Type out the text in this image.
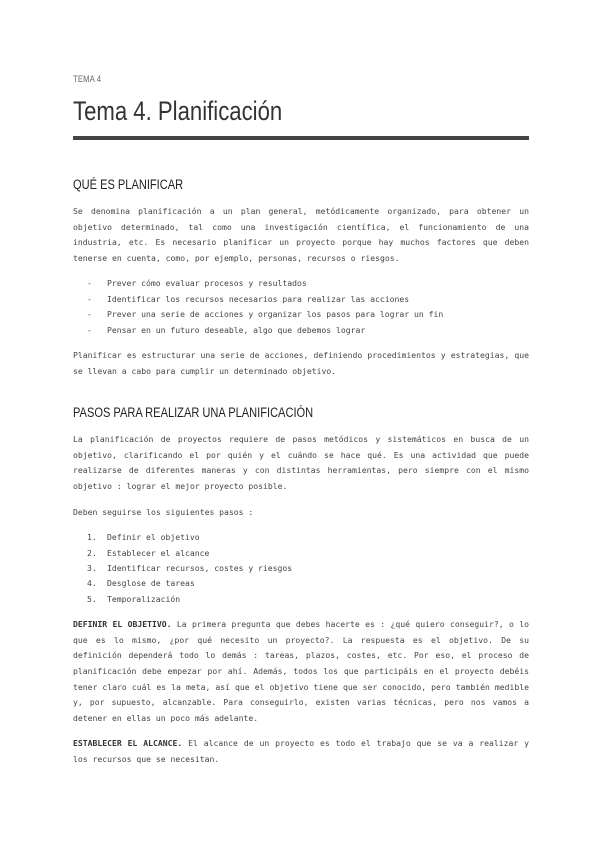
TEMA 4
Tema 4. Planificación
QUÉ ES PLANIFICAR

Se denomina planificación a un plan general, metódicamente organizado, para obtener un objetivo determinado, tal como una investigación científica, el funcionamiento de una industria, etc. Es necesario planificar un proyecto porque hay muchos factores que deben tenerse en cuenta, como, por ejemplo, personas, recursos o riesgos.

- Prever cómo evaluar procesos y resultados
- Identificar los recursos necesarios para realizar las acciones
- Prever una serie de acciones y organizar los pasos para lograr un fin
- Pensar en un futuro deseable, algo que debemos lograr

Planificar es estructurar una serie de acciones, definiendo procedimientos y estrategias, que se llevan a cabo para cumplir un determinado objetivo.

PASOS PARA REALIZAR UNA PLANIFICACIÓN

La planificación de proyectos requiere de pasos metódicos y sistemáticos en busca de un objetivo, clarificando el por quién y el cuándo se hace qué. Es una actividad que puede realizarse de diferentes maneras y con distintas herramientas, pero siempre con el mismo objetivo : lograr el mejor proyecto posible.

Deben seguirse los siguientes pasos :

1. Definir el objetivo
2. Establecer el alcance
3. Identificar recursos, costes y riesgos
4. Desglose de tareas
5. Temporalización

DEFINIR EL OBJETIVO. La primera pregunta que debes hacerte es : ¿qué quiero conseguir?, o lo que es lo mismo, ¿por qué necesito un proyecto?. La respuesta es el objetivo. De su definición dependerá todo lo demás : tareas, plazos, costes, etc. Por eso, el proceso de planificación debe empezar por ahí. Además, todos los que participáis en el proyecto debéis tener claro cuál es la meta, así que el objetivo tiene que ser conocido, pero también medible y, por supuesto, alcanzable. Para conseguirlo, existen varias técnicas, pero nos vamos a detener en ellas un poco más adelante.

ESTABLECER EL ALCANCE. El alcance de un proyecto es todo el trabajo que se va a realizar y los recursos que se necesitan.
